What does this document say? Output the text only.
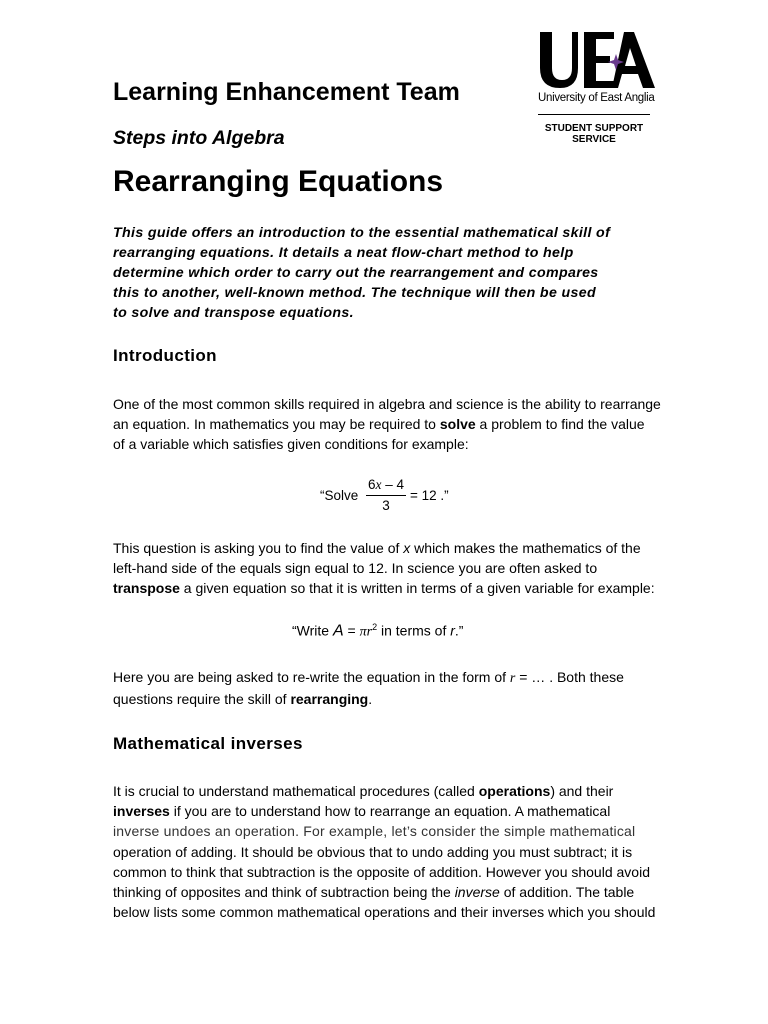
University of East Anglia
STUDENT SUPPORT
SERVICE
Learning Enhancement Team
Steps into Algebra
Rearranging Equations
This guide offers an introduction to the essential mathematical skill of
rearranging equations. It details a neat flow-chart method to help
determine which order to carry out the rearrangement and compares
this to another, well-known method. The technique will then be used
to solve and transpose equations.
Introduction
One of the most common skills required in algebra and science is the ability to rearrange
an equation. In mathematics you may be required to solve a problem to find the value
of a variable which satisfies given conditions for example:
“Solve
6x – 4
3
= 12 .”
This question is asking you to find the value of x which makes the mathematics of the
left-hand side of the equals sign equal to 12. In science you are often asked to
transpose a given equation so that it is written in terms of a given variable for example:
“Write $A = \pi r^2$ in terms of r.”
Here you are being asked to re-write the equation in the form of r = … . Both these
questions require the skill of rearranging.
Mathematical inverses
It is crucial to understand mathematical procedures (called operations) and their
inverses if you are to understand how to rearrange an equation. A mathematical
inverse undoes an operation. For example, let’s consider the simple mathematical
operation of adding. It should be obvious that to undo adding you must subtract; it is
common to think that subtraction is the opposite of addition. However you should avoid
thinking of opposites and think of subtraction being the inverse of addition. The table
below lists some common mathematical operations and their inverses which you should
